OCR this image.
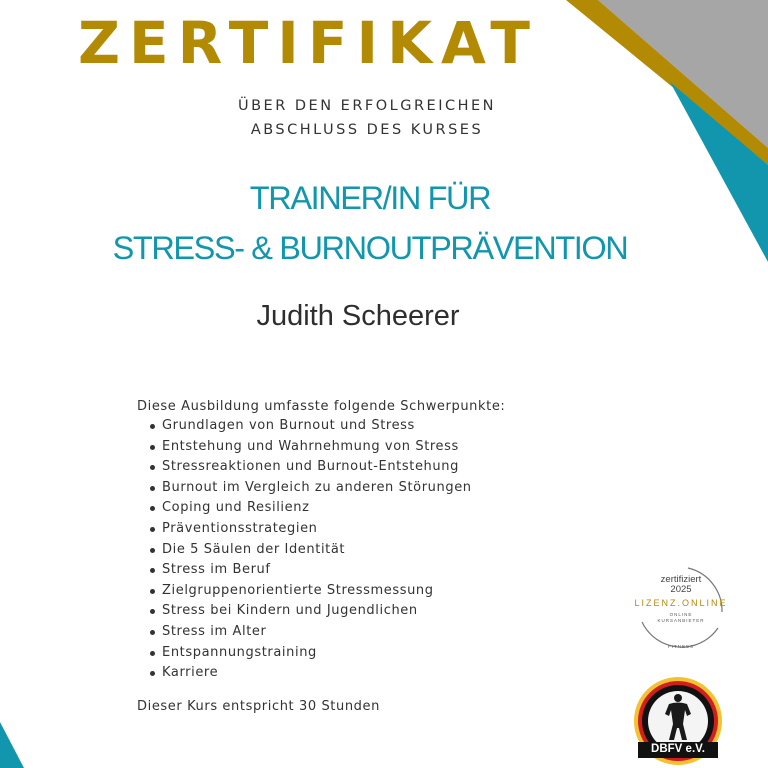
ZERTIFIKAT
ÜBER DEN ERFOLGREICHEN
ABSCHLUSS DES KURSES
TRAINER/IN FÜR
STRESS- & BURNOUTPRÄVENTION
Judith Scheerer
Diese Ausbildung umfasste folgende Schwerpunkte:
Grundlagen von Burnout und Stress
Entstehung und Wahrnehmung von Stress
Stressreaktionen und Burnout-Entstehung
Burnout im Vergleich zu anderen Störungen
Coping und Resilienz
Präventionsstrategien
Die 5 Säulen der Identität
Stress im Beruf
Zielgruppenorientierte Stressmessung
Stress bei Kindern und Jugendlichen
Stress im Alter
Entspannungstraining
Karriere
Dieser Kurs entspricht 30 Stunden
zertifiziert
2025
LIZENZ.ONLINE
ONLINE
KURSANBIETER
FITNESS
DBFV e.V.
